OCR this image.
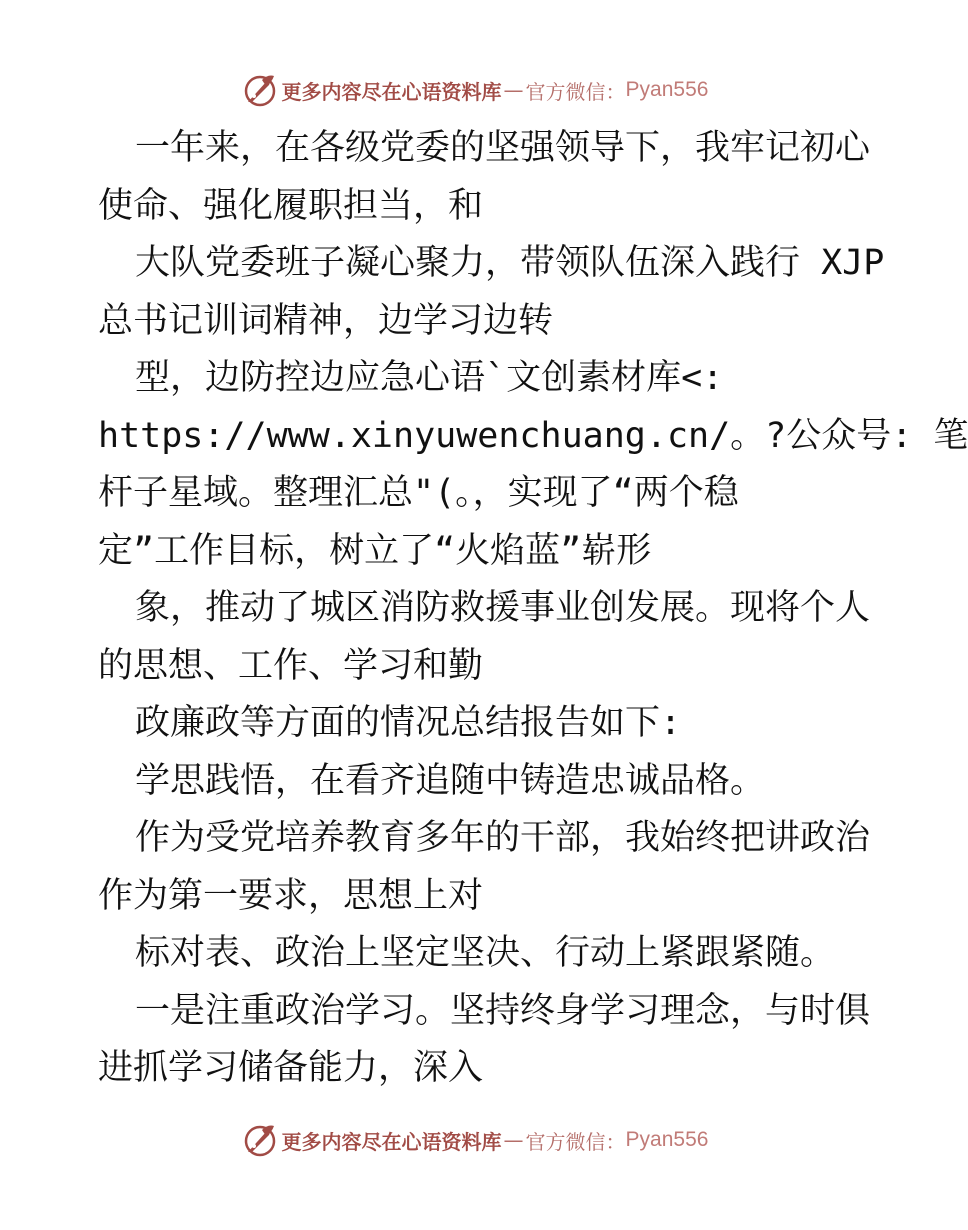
更多内容尽在心语资料库 — 官方微信： Pyan556
一年来，在各级党委的坚强领导下，我牢记初心
使命、强化履职担当，和
大队党委班子凝心聚力，带领队伍深入践行 XJP
总书记训词精神，边学习边转
型，边防控边应急心语`文创素材库<:
https://www.xinyuwenchuang.cn/。?公众号: 笔
杆子星域。整理汇总"(。，实现了“两个稳
定”工作目标，树立了“火焰蓝”崭形
象，推动了城区消防救援事业创发展。现将个人
的思想、工作、学习和勤
政廉政等方面的情况总结报告如下:
学思践悟，在看齐追随中铸造忠诚品格。
作为受党培养教育多年的干部，我始终把讲政治
作为第一要求，思想上对
标对表、政治上坚定坚决、行动上紧跟紧随。
一是注重政治学习。坚持终身学习理念，与时俱
进抓学习储备能力，深入
更多内容尽在心语资料库 — 官方微信： Pyan556
